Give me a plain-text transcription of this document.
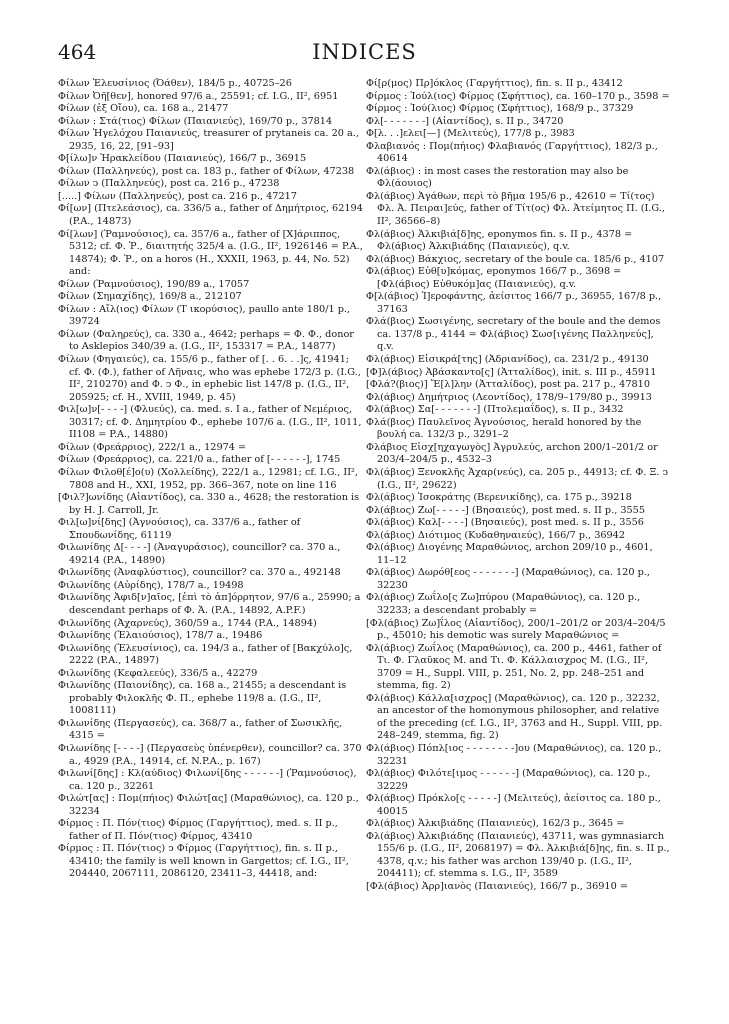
464	INDICES

Φίλων Ἐλευσίνιος (Ὀάθεν), 184/5 p., 40725–26

Φίλων Ὀη̃[θεν], honored 97/6 a., 25591; cf. I.G., II², 6951

Φίλων (ἐξ Οἴου), ca. 168 a., 21477

Φίλων : Στά(τιος) Φίλων (Παιανιεύς), 169/70 p., 37814

Φίλων Ἡγελόχου Παιανιεύς, treasurer of prytaneis ca. 20 a., 2935, 16, 22, [91–93]

Φ[ίλω]ν Ἡρακλείδου (Παιανιεύς), 166/7 p., 36915

Φίλων (Παλληνεύς), post ca. 183 p., father of Φίλων, 47238

Φίλων ↄ (Παλληνεύς), post ca. 216 p., 47238

[.....] Φίλων (Παλληνεύς), post ca. 216 p., 47217

Φί[ων] (Πτελεάσιος), ca. 336/5 a., father of Δημήτριος, 62194 (P.A., 14873)

Φί[λων] (Ῥαμνούσιος), ca. 357/6 a., father of [Χ]άριππος, 5312; cf. Φ. Ῥ., διαιτητής 325/4 a. (I.G., II², 1926146 = P.A., 14874); Φ. Ῥ., on a horos (H., XXXII, 1963, p. 44, No. 52) and:

Φίλων (Ῥαμνούσιος), 190/89 a., 17057

Φίλων (Σημαχίδης), 169/8 a., 212107

Φίλων : Αἴλ(ιος) Φίλων (Τ ικορύσιος), paullo ante 180/1 p., 39724

Φίλων (Φαληρεύς), ca. 330 a., 4642; perhaps = Φ. Φ., donor to Asklepios 340/39 a. (I.G., II², 153317 = P.A., 14877)

Φίλων (Φηγαιεύς), ca. 155/6 p., father of [. . 6. . .]ς, 41941; cf. Φ. (Φ.), father of Λῆναις, who was ephebe 172/3 p. (I.G., II², 210270) and Φ. ↄ Φ., in ephebic list 147/8 p. (I.G., II², 205925; cf. H., XVIII, 1949, p. 45)

Φιλ[ω]ν[- - - -] (Φλυεύς), ca. med. s. I a., father of Νεμέριος, 30317; cf. Φ. Δημητρίου Φ., ephebe 107/6 a. (I.G., II², 1011, II108 = P.A., 14880)

Φίλων (Φρεάρριος), 222/1 a., 12974 =

Φίλων (Φρεάρριος), ca. 221/0 a., father of [- - - - - -], 1745

Φίλων Φιλοθ[έ]ο(υ) (Χολλείδης), 222/1 a., 12981; cf. I.G., II², 7808 and H., XXI, 1952, pp. 366–367, note on line 116

[Φιλ?]ωνίδης (Αἰαντίδος), ca. 330 a., 4628; the restoration is by H. J. Carroll, Jr.

Φιλ[ω]νί[δης] (Ἀγνούσιος), ca. 337/6 a., father of Σπουδωνίδης, 61119

Φιλωνίδης Δ[- - - -] (Ἀναγυράσιος), councillor? ca. 370 a., 49214 (P.A., 14890)

Φιλωνίδης (Ἀναφλύστιος), councillor? ca. 370 a., 492148

Φιλωνίδης (Αὐρίδης), 178/7 a., 19498

Φιλωνίδης Ἀφιδ[ν]αῖος, [ἐπὶ τὸ ἀπ]όρρητον, 97/6 a., 25990; a descendant perhaps of Φ. Ἀ. (P.A., 14892, A.P.F.)

Φιλωνίδης (Ἀχαρνεύς), 360/59 a., 1744 (P.A., 14894)

Φιλωνίδης (Ἐλαιούσιος), 178/7 a., 19486

Φιλωνίδης (Ἐλευσίνιος), ca. 194/3 a., father of [Βακχύλο]ς, 2222 (P.A., 14897)

Φιλωνίδης (Κεφαλεεύς), 336/5 a., 42279

Φιλωνίδης (Παιονίδης), ca. 168 a., 21455; a descendant is probably Φιλοκλῆς Φ. Π., ephebe 119/8 a. (I.G., II², 1008111)

Φιλωνίδης (Περγασεύς), ca. 368/7 a., father of Σωσικλῆς, 4315 =

Φιλωνίδης [- - - -] (Περγασεὺς ὑπένερθεν), councillor? ca. 370 a., 4929 (P.A., 14914, cf. N.P.A., p. 167)

Φιλωνί[δης] : Κλ(αύδιος) Φιλωνί[δης - - - - - -] (Ῥαμνούσιος), ca. 120 p., 32261

Φιλώτ[ας] : Πομ(πήιος) Φιλώτ[ας] (Μαραθώνιος), ca. 120 p., 32234

Φίρμος : Π. Πόν(τιος) Φίρμος (Γαργήττιος), med. s. II p., father of Π. Πόν(τιος) Φίρμος, 43410

Φίρμος : Π. Πόν(τιος) ↄ Φίρμος (Γαργήττιος), fin. s. II p., 43410; the family is well known in Gargettos; cf. I.G., II², 204440, 2067111, 2086120, 23411–3, 44418, and:

Φί[ρ(μος) Πρ]όκλος (Γαργήττιος), fin. s. II p., 43412

Φίρμος : Ἰούλ(ιος) Φίρμος (Σφήττιος), ca. 160–170 p., 3598 =

Φίρμος : Ἰού(λιος) Φίρμος (Σφήττιος), 168/9 p., 37329

Φλ[- - - - - - -] (Αἰαντίδος), s. II p., 34720

Φ[λ. . .]ελει[—] (Μελιτεύς), 177/8 p., 3983

Φλαβιανός : Πομ(πήιος) Φλαβιανός (Γαργήττιος), 182/3 p., 40614

Φλ(άβιος) : in most cases the restoration may also be Φλ(άουιος)

Φλ(άβιος) Ἀγάθων, περὶ τὸ βῆμα 195/6 p., 42610 = Τί(τος) Φλ. Ἀ. Πειραι]εύς, father of Τίτ(ος) Φλ. Ἀτείμητος Π. (I.G., II², 36566–8)

Φλ(άβιος) Ἀλκιβιά[δ]ης, eponymos fin. s. II p., 4378 = Φλ(άβιος) Ἀλκιβιάδης (Παιανιεύς), q.v.

Φλ(άβιος) Βάκχιος, secretary of the boule ca. 185/6 p., 4107

Φλ(άβιος) Εὐθ[υ]κόμας, eponymos 166/7 p., 3698 = [Φλ(άβιος) Εὐθυκόμ]ας (Παιανιεύς), q.v.

Φ[λ(άβιος) Ἱ]εροφάντης, ἀείσιτος 166/7 p., 36955, 167/8 p., 37163

Φλά(βιος) Σωσιγένης, secretary of the boule and the demos ca. 137/8 p., 4144 = Φλ(άβιος) Σωσ[ιγένης Παλληνεύς], q.v.

Φλ(άβιος) Εἰσικρά[της] (Ἀδριανίδος), ca. 231/2 p., 49130

[Φ]λ(άβιος) Ἀβάσκαντο[ς] (Ἀτταλίδος), init. s. III p., 45911

[Φλά?(βιος)] Ἔ[λ]λην (Ἀτταλίδος), post pa. 217 p., 47810

Φλ(άβιος) Δημήτριος (Λεοντίδος), 178/9–179/80 p., 39913

Φλ(άβιος) Σα[- - - - - - -] (Πτολεμαΐδος), s. II p., 3432

Φλά(βιος) Παυλεῖνος Ἀγνούσιος, herald honored by the βουλή ca. 132/3 p., 3291–2

Φλάβιος Εἰσχ[ηχαγωγὸς] Ἀγρυλεύς, archon 200/1–201/2 or 203/4–204/5 p., 4532–3

Φλ(άβιος) Ξενοκλῆς Ἀχαρ(νεύς), ca. 205 p., 44913; cf. Φ. Ξ. ↄ (I.G., II², 29622)

Φλ(άβιος) Ἰσοκράτης (Βερενικίδης), ca. 175 p., 39218

Φλ(άβιος) Ζω[- - - - -] (Βησαιεύς), post med. s. II p., 3555

Φλ(άβιος) Καλ[- - - -] (Βησαιεύς), post med. s. II p., 3556

Φλ(άβιος) Διότιμος (Κυδαθηναιεύς), 166/7 p., 36942

Φλ(άβιος) Διογένης Μαραθώνιος, archon 209/10 p., 4601, 11–12

Φλ(άβιος) Δωρόθ[εος - - - - - - -] (Μαραθώνιος), ca. 120 p., 32230

Φλ(άβιος) Ζωΐλο[ς Ζω]πύρου (Μαραθώνιος), ca. 120 p., 32233; a descendant probably =

[Φλ(άβιος) Ζω]ΐλος (Αἰαντίδος), 200/1–201/2 or 203/4–204/5 p., 45010; his demotic was surely Μαραθώνιος =

Φλ(άβιος) Ζωΐλος (Μαραθώνιος), ca. 200 p., 4461, father of Τι. Φ. Γλαῦκος Μ. and Τι. Φ. Κάλλαισχρος Μ. (I.G., II², 3709 = H., Suppl. VIII, p. 251, No. 2, pp. 248–251 and stemma, fig. 2)

Φλ(άβιος) Κάλλα[ισχρος] (Μαραθώνιος), ca. 120 p., 32232, an ancestor of the homonymous philosopher, and relative of the preceding (cf. I.G., II², 3763 and H., Suppl. VIII, pp. 248–249, stemma, fig. 2)

Φλ(άβιος) Πόπλ[ιος - - - - - - - -]ου (Μαραθώνιος), ca. 120 p., 32231

Φλ(άβιος) Φιλότε[ιμος - - - - - -] (Μαραθώνιος), ca. 120 p., 32229

Φλ(άβιος) Πρόκλο[ς - - - - -] (Μελιτεύς), ἀείσιτος ca. 180 p., 40015

Φλ(άβιος) Ἀλκιβιάδης (Παιανιεύς), 162/3 p., 3645 =

Φλ(άβιος) Ἀλκιβιάδης (Παιανιεύς), 43711, was gymnasiarch 155/6 p. (I.G., II², 2068197) = Φλ. Ἀλκιβιά[δ]ης, fin. s. II p., 4378, q.v.; his father was archon 139/40 p. (I.G., II², 204411); cf. stemma s. I.G., II², 3589

[Φλ(άβιος) Ἀρρ]ιανὸς (Παιανιεύς), 166/7 p., 36910 =
